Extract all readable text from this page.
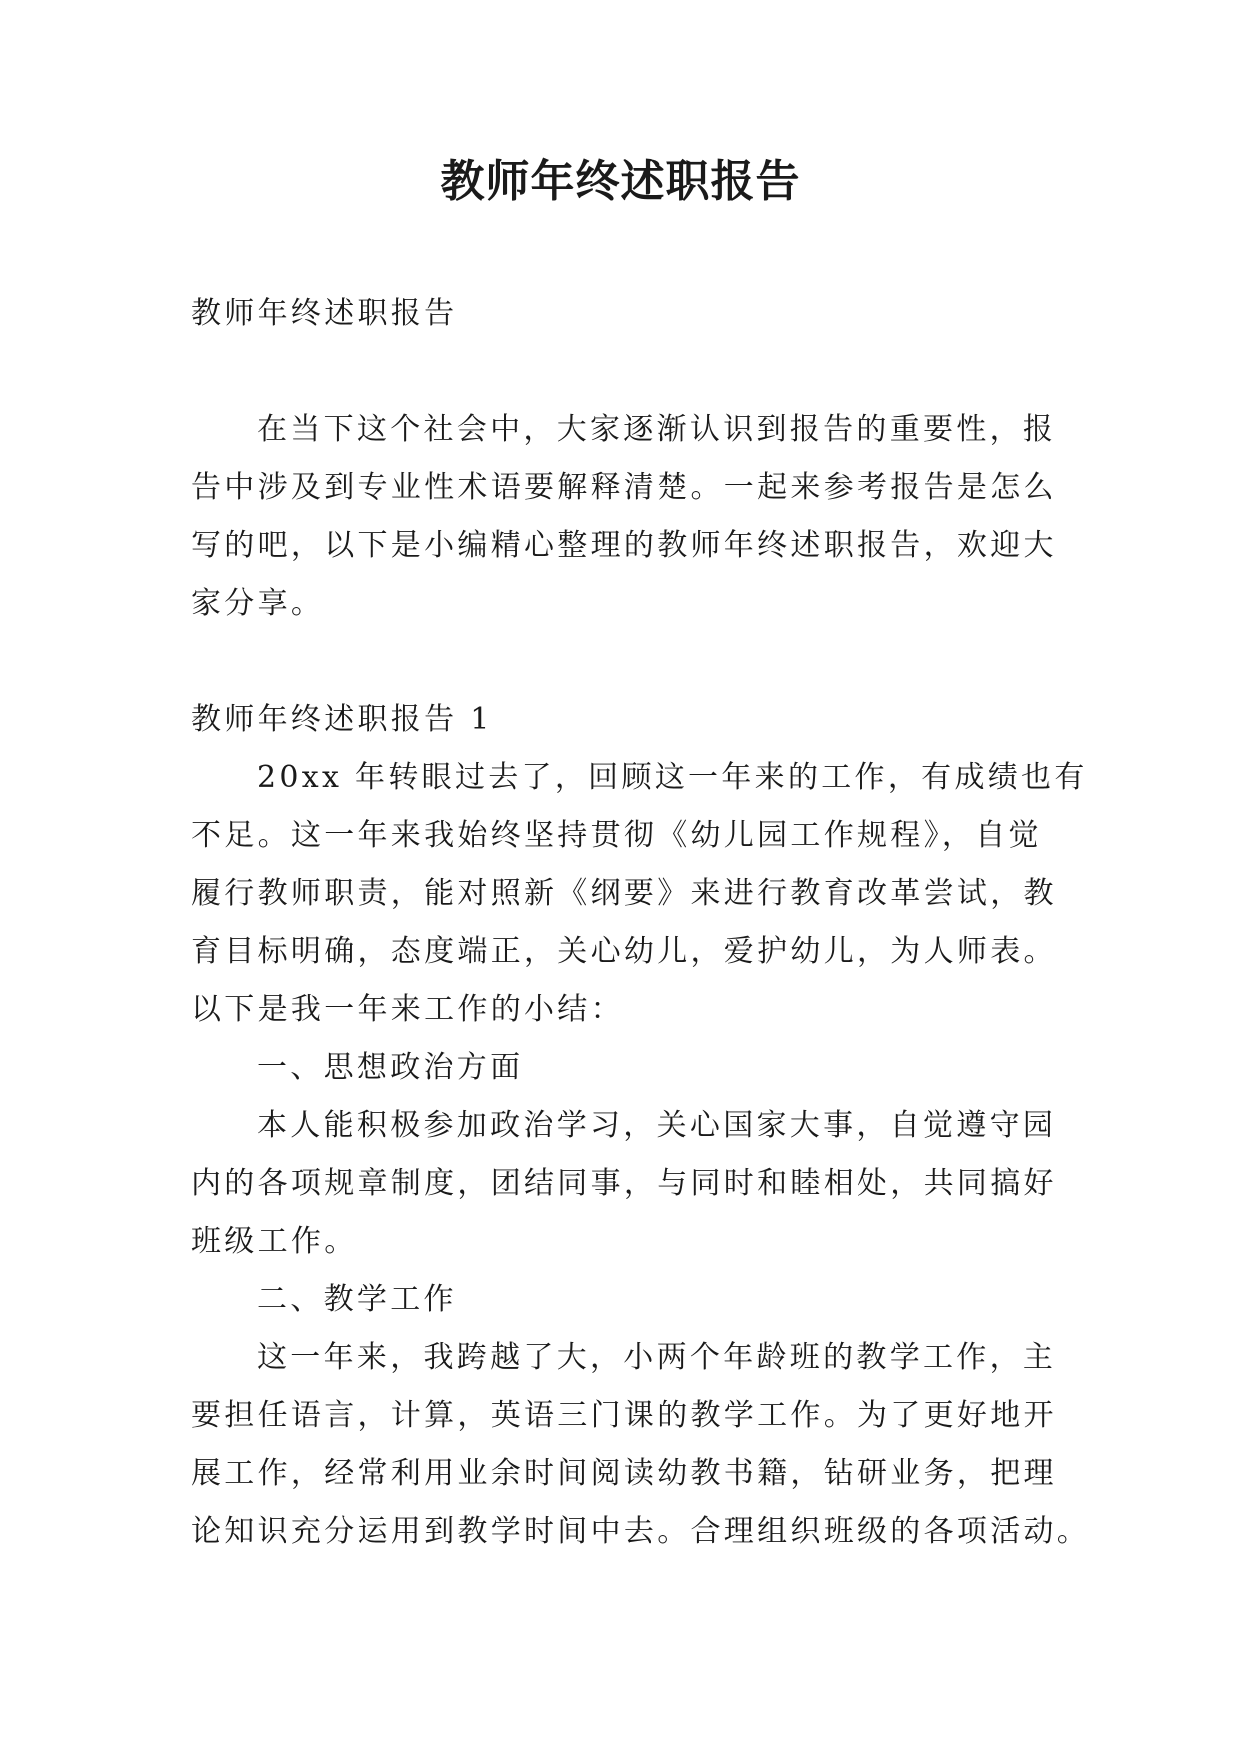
教师年终述职报告
教师年终述职报告
在当下这个社会中，大家逐渐认识到报告的重要性，报
告中涉及到专业性术语要解释清楚。一起来参考报告是怎么
写的吧，以下是小编精心整理的教师年终述职报告，欢迎大
家分享。
教师年终述职报告 1
20xx 年转眼过去了，回顾这一年来的工作，有成绩也有
不足。这一年来我始终坚持贯彻《幼儿园工作规程》，自觉
履行教师职责，能对照新《纲要》来进行教育改革尝试，教
育目标明确，态度端正，关心幼儿，爱护幼儿，为人师表。
以下是我一年来工作的小结：
一、思想政治方面
本人能积极参加政治学习，关心国家大事，自觉遵守园
内的各项规章制度，团结同事，与同时和睦相处，共同搞好
班级工作。
二、教学工作
这一年来，我跨越了大，小两个年龄班的教学工作，主
要担任语言，计算，英语三门课的教学工作。为了更好地开
展工作，经常利用业余时间阅读幼教书籍，钻研业务，把理
论知识充分运用到教学时间中去。合理组织班级的各项活动。
